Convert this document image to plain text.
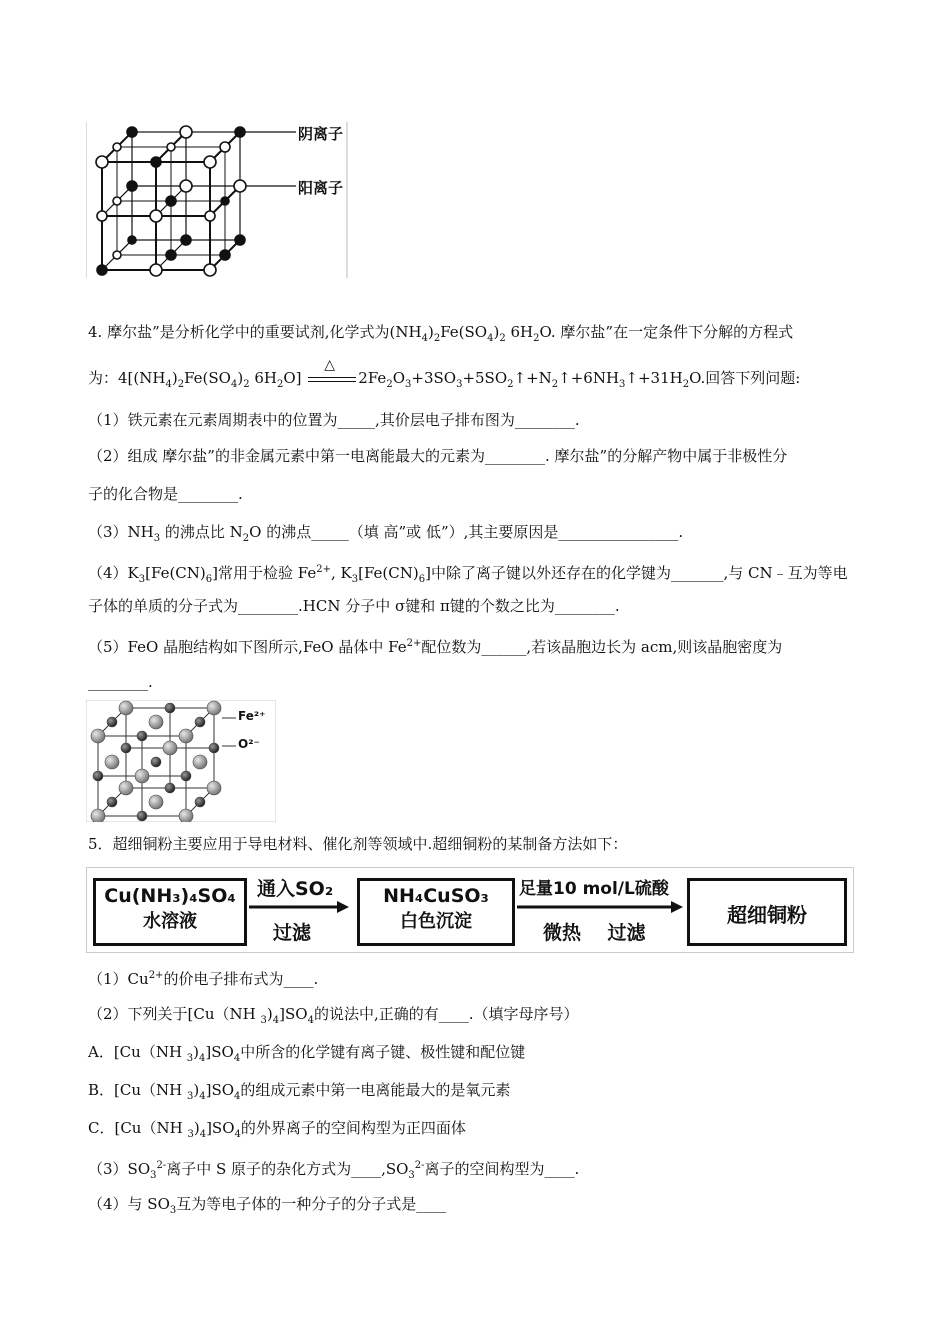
阴离子
阳离子
4. 摩尔盐”是分析化学中的重要试剂,化学式为$(NH_4)_2Fe(SO_4)_2$ $6H_2O$. 摩尔盐”在一定条件下分解的方程式
为：$4[(NH_4)_2Fe(SO_4)_2$ $6H_2O$]
△
$2Fe_2O_3+3SO_3+5SO_2↑+N_2↑+6NH_3↑+31H_2O$.回答下列问题:
（1）铁元素在元素周期表中的位置为_____,其价层电子排布图为________.
（2）组成 摩尔盐”的非金属元素中第一电离能最大的元素为________. 摩尔盐”的分解产物中属于非极性分
子的化合物是________.
$(3)NH_3$ 的沸点比 $N_2O$ 的沸点_____（填 高”或 低”）,其主要原因是________________.
$(4)K_3[Fe(CN)_6]$常用于检验 $Fe^{2+}$, $K_3[Fe(CN)_6]$中除了离子键以外还存在的化学键为_______,与 CN﹣互为等电
子体的单质的分子式为________.HCN 分子中 σ键和 π键的个数之比为________.
（5）FeO 晶胞结构如下图所示,FeO 晶体中 $Fe^{2+}$配位数为______,若该晶胞边长为 acm,则该晶胞密度为
________.
Fe²⁺
O²⁻
5．超细铜粉主要应用于导电材料、催化剂等领域中.超细铜粉的某制备方法如下：
Cu(NH₃)₄SO₄
水溶液
通入SO₂
过滤
NH₄CuSO₃
白色沉淀
足量10 mol/L硫酸
微热    过滤
超细铜粉
$(1)Cu^{2+}$的价电子排布式为____.
（2）下列关于[Cu（NH $_3)_4]SO_4$的说法中,正确的有____.（填字母序号）
A．[Cu（NH $_3)_4]SO_4$中所含的化学键有离子键、极性键和配位键
B．[Cu（NH $_3)_4]SO_4$的组成元素中第一电离能最大的是氧元素
C．[Cu（NH $_3)_4]SO_4$的外界离子的空间构型为正四面体
$(3)SO_3^{2-}$离子中 S 原子的杂化方式为$\_\_\_\_,SO_3^{2-}$离子的空间构型为____.
（4）与 $SO_3$互为等电子体的一种分子的分子式是____
